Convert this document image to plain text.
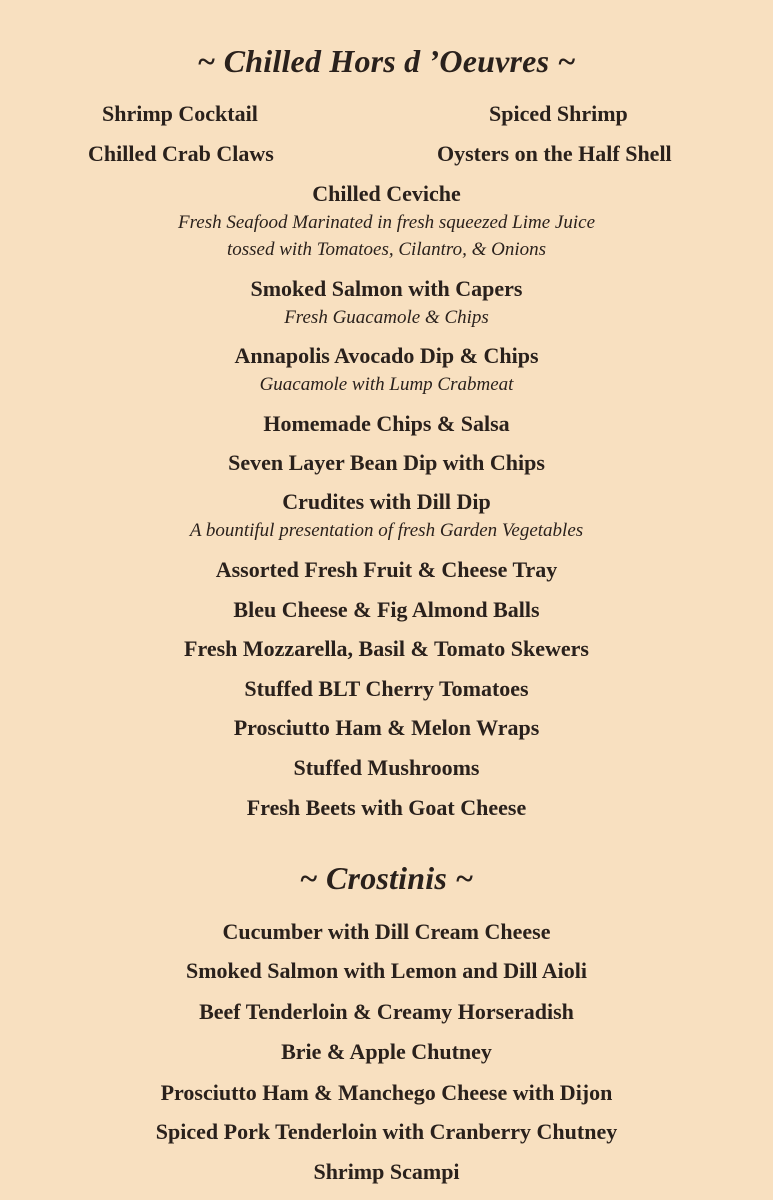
~ Chilled Hors d ’Oeuvres ~
Shrimp Cocktail	Spiced Shrimp
Chilled Crab Claws	Oysters on the Half Shell

Chilled Ceviche

Fresh Seafood Marinated in fresh squeezed Lime Juice

tossed with Tomatoes, Cilantro, & Onions

Smoked Salmon with Capers

Fresh Guacamole & Chips

Annapolis Avocado Dip & Chips

Guacamole with Lump Crabmeat

Homemade Chips & Salsa

Seven Layer Bean Dip with Chips

Crudites with Dill Dip

A bountiful presentation of fresh Garden Vegetables

Assorted Fresh Fruit & Cheese Tray

Bleu Cheese & Fig Almond Balls

Fresh Mozzarella, Basil & Tomato Skewers

Stuffed BLT Cherry Tomatoes

Prosciutto Ham & Melon Wraps

Stuffed Mushrooms

Fresh Beets with Goat Cheese

~ Crostinis ~

Cucumber with Dill Cream Cheese

Smoked Salmon with Lemon and Dill Aioli

Beef Tenderloin & Creamy Horseradish

Brie & Apple Chutney

Prosciutto Ham & Manchego Cheese with Dijon

Spiced Pork Tenderloin with Cranberry Chutney

Shrimp Scampi
